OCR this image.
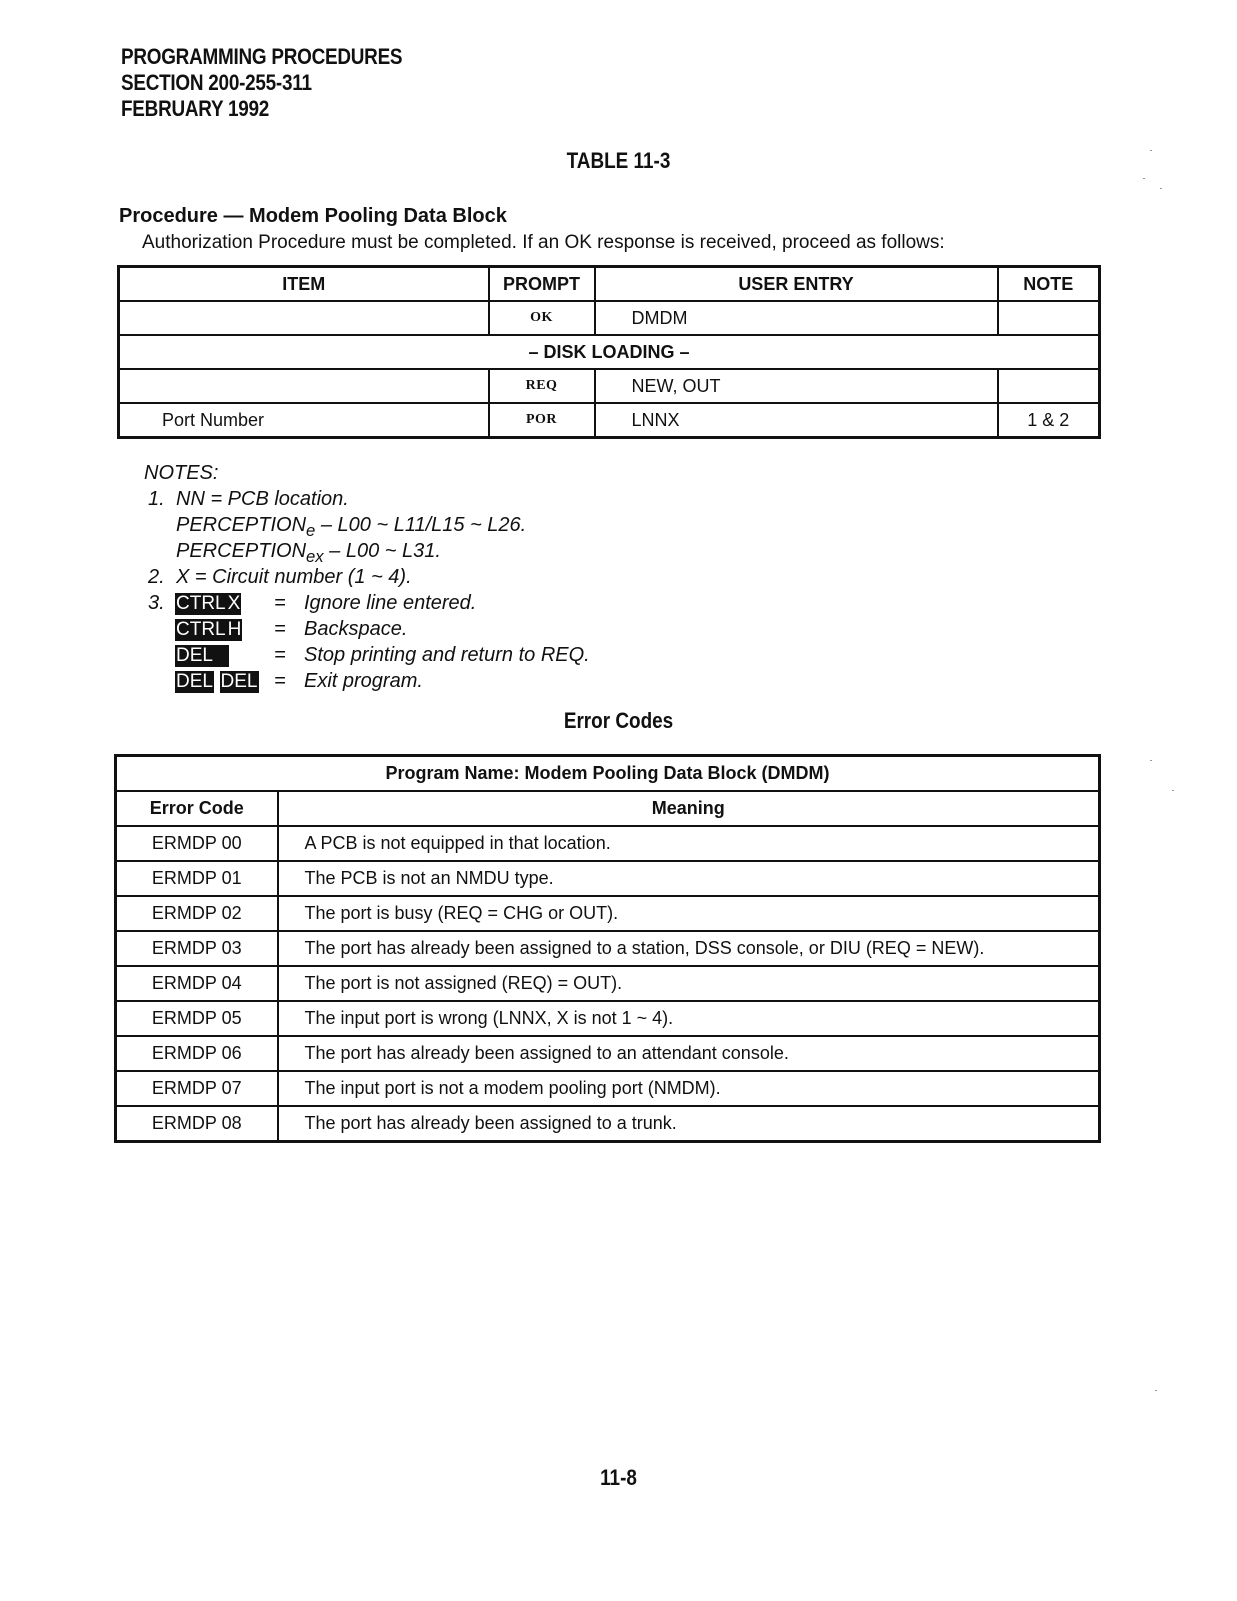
PROGRAMMING PROCEDURES
SECTION 200-255-311
FEBRUARY 1992
TABLE 11-3
Procedure — Modem Pooling Data Block
Authorization Procedure must be completed. If an OK response is received, proceed as follows:
ITEM	PROMPT	USER ENTRY	NOTE
	OK	DMDM	
– DISK LOADING –			
	REQ	NEW, OUT	
Port Number	POR	LNNX	1 & 2
NOTES:
1. NN = PCB location.
$PERCEPTION_e - L00$ ~ L11/L15 ~ L26.
$PERCEPTION_{ex} - L00$ ~ L31.
2. X = Circuit number (1 ~ 4).
3. CTRL X = Ignore line entered.
CTRL H = Backspace.
DEL	= Stop printing and return to REQ.
DEL DEL = Exit program.
Error Codes
Program Name: Modem Pooling Data Block (DMDM)	
Error Code	Meaning
ERMDP 00	A PCB is not equipped in that location.
ERMDP 01	The PCB is not an NMDU type.
ERMDP 02	The port is busy (REQ = CHG or OUT).
ERMDP 03	The port has already been assigned to a station, DSS console, or DIU (REQ = NEW).
ERMDP 04	The port is not assigned (REQ) = OUT).
ERMDP 05	The input port is wrong (LNNX, X is not 1 ~ 4).
ERMDP 06	The port has already been assigned to an attendant console.
ERMDP 07	The input port is not a modem pooling port (NMDM).
ERMDP 08	The port has already been assigned to a trunk.
11-8
